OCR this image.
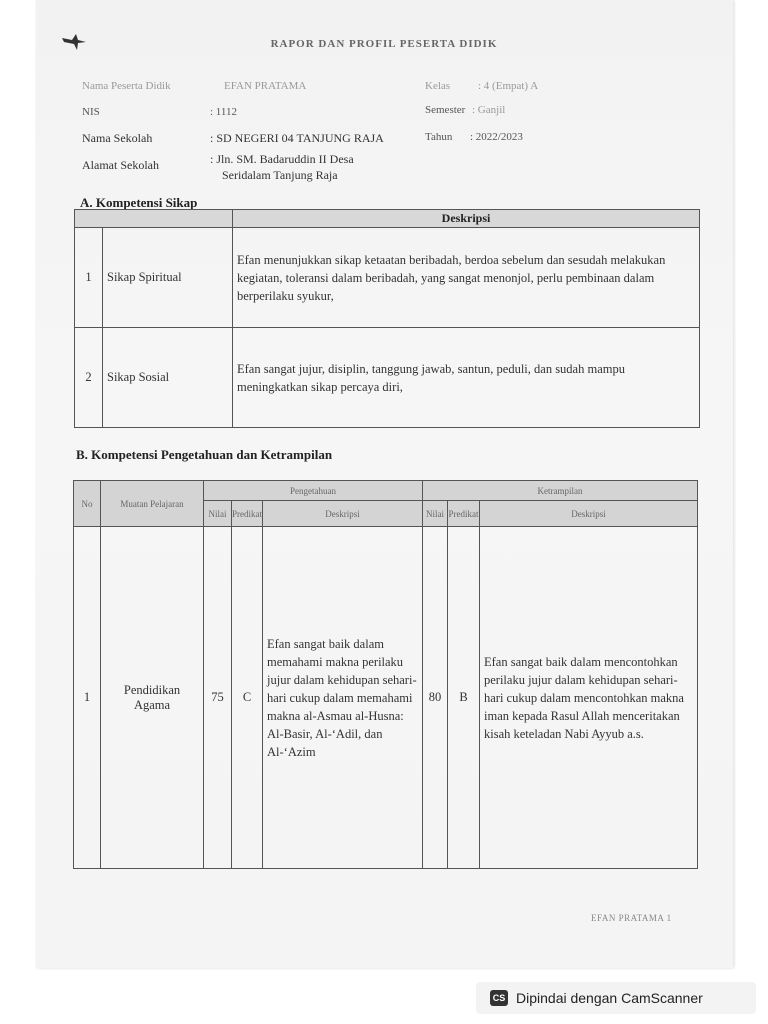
RAPOR DAN PROFIL PESERTA DIDIK
Nama Peserta Didik	EFAN PRATAMA
NIS	: 1112
Nama Sekolah	: SD NEGERI 04 TANJUNG RAJA
Alamat Sekolah	: Jln. SM. Badaruddin II Desa
Seridalam Tanjung Raja
Kelas	: 4 (Empat) A
Semester : Ganjil
Tahun : 2022/2023
A. Kompetensi Sikap
		Deskripsi
1	Sikap Spiritual	Efan menunjukkan sikap ketaatan beribadah, berdoa sebelum dan sesudah melakukan kegiatan, toleransi dalam beribadah, yang sangat menonjol, perlu pembinaan dalam berperilaku syukur,
2	Sikap Sosial	Efan sangat jujur, disiplin, tanggung jawab, santun, peduli, dan sudah mampu meningkatkan sikap percaya diri,
B. Kompetensi Pengetahuan dan Ketrampilan
No	Muatan Pelajaran	Pengetahuan			Ketrampilan		
		Nilai	Predikat	Deskripsi	Nilai	Predikat	Deskripsi
1	Pendidikan Agama	75	C	Efan sangat baik dalam memahami makna perilaku jujur dalam kehidupan sehari-hari cukup dalam memahami makna al-Asmau al-Husna: Al-Basir, Al-‘Adil, dan Al-‘Azim	80	B	Efan sangat baik dalam mencontohkan perilaku jujur dalam kehidupan sehari-hari cukup dalam mencontohkan makna iman kepada Rasul Allah menceritakan kisah keteladan Nabi Ayyub a.s.
EFAN PRATAMA 1
CS Dipindai dengan CamScanner
